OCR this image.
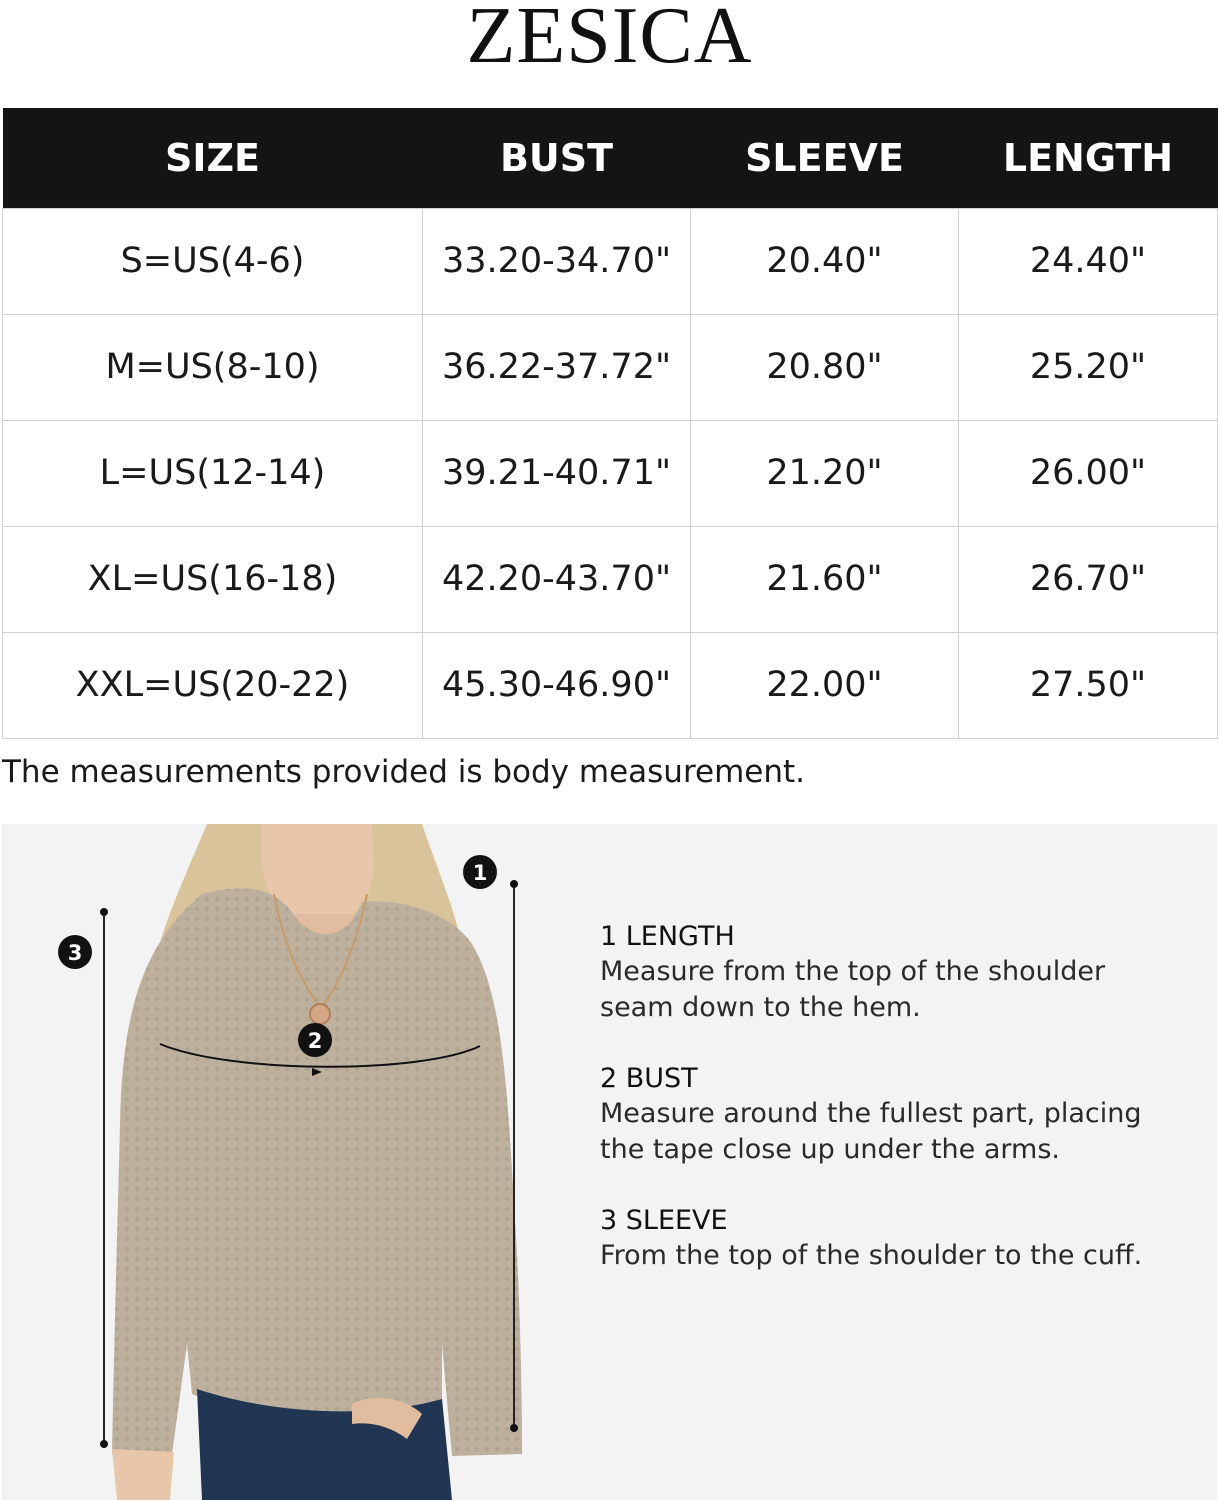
ZESICA
SIZE	BUST	SLEEVE	LENGTH
S=US(4-6)	33.20-34.70"	20.40"	24.40"
M=US(8-10)	36.22-37.72"	20.80"	25.20"
L=US(12-14)	39.21-40.71"	21.20"	26.00"
XL=US(16-18)	42.20-43.70"	21.60"	26.70"
XXL=US(20-22)	45.30-46.90"	22.00"	27.50"
The measurements provided is body measurement.
1
2
3
1 LENGTH
Measure from the top of the shoulder
seam down to the hem.
2 BUST
Measure around the fullest part, placing
the tape close up under the arms.
3 SLEEVE
From the top of the shoulder to the cuff.
